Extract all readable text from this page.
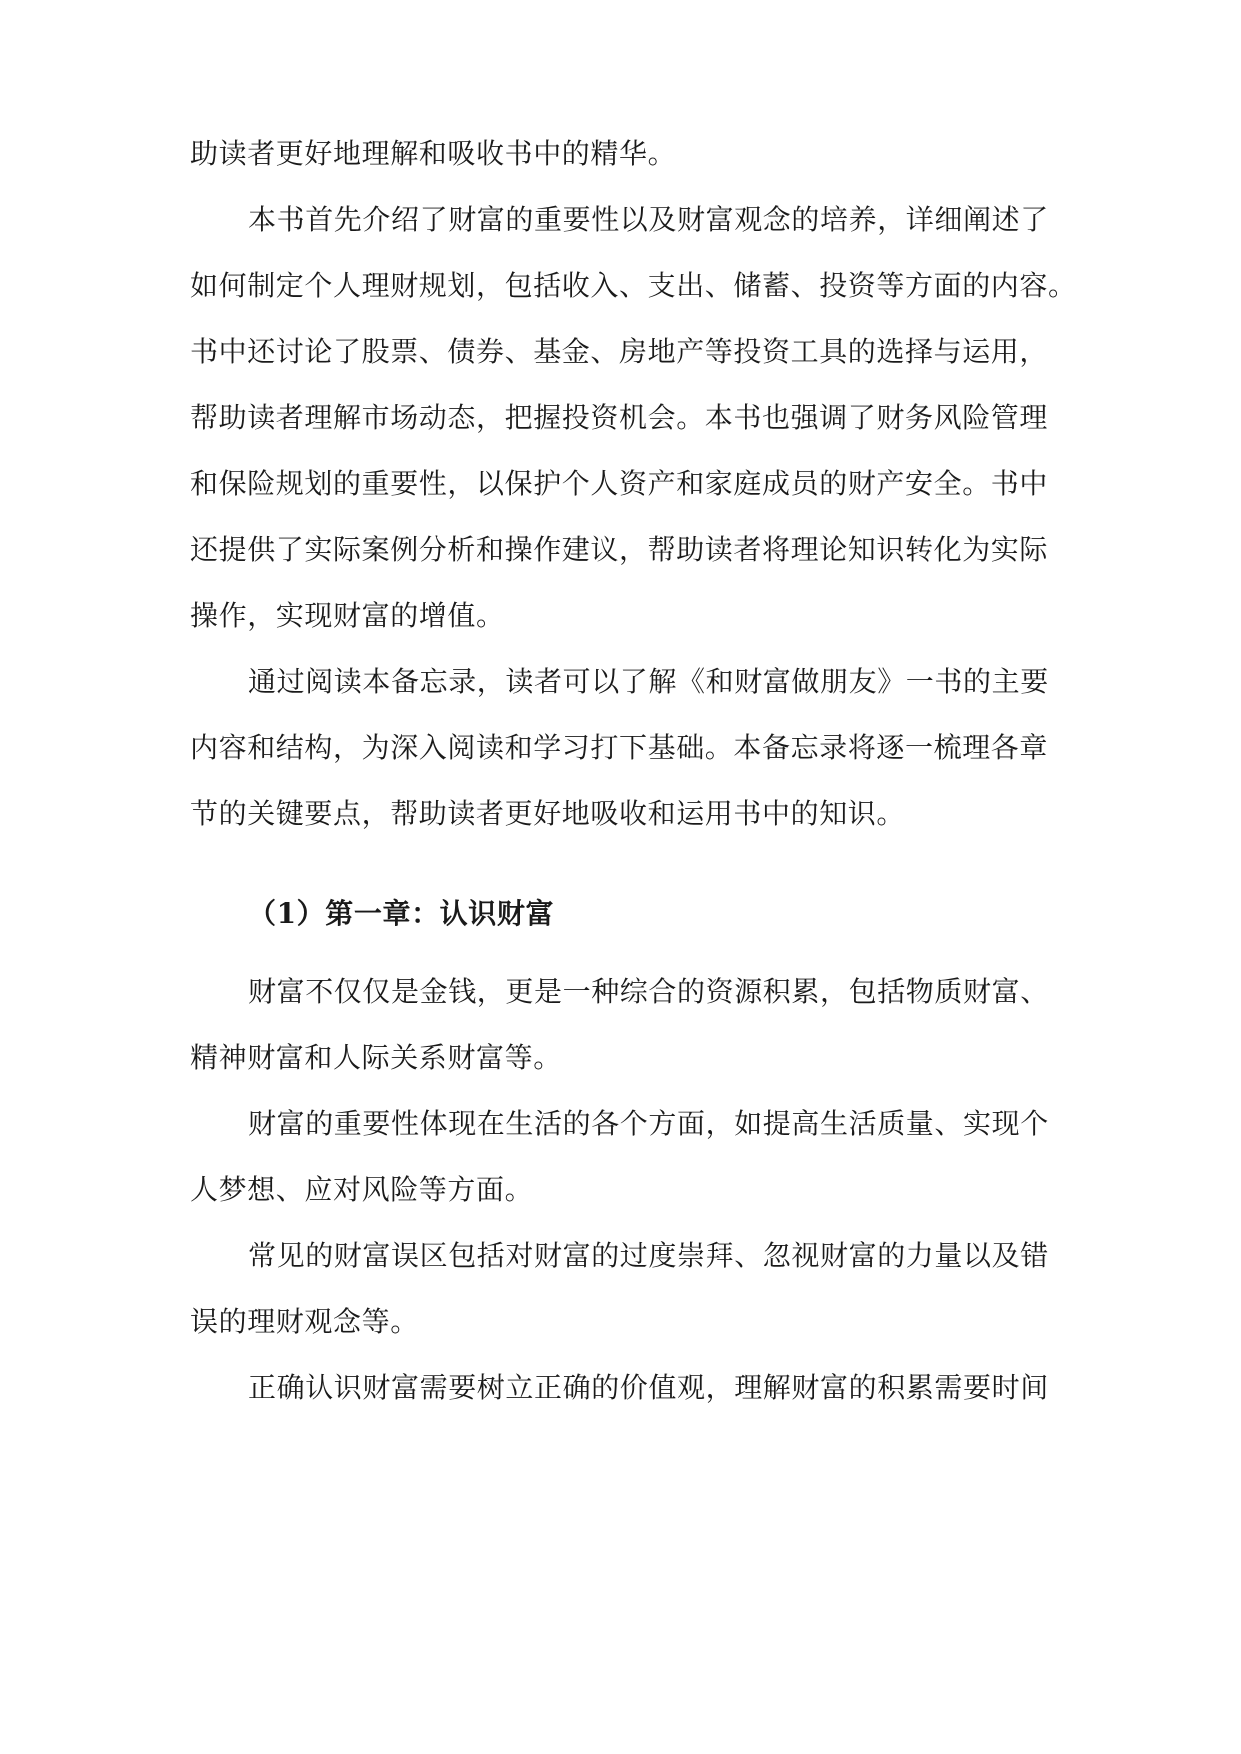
助读者更好地理解和吸收书中的精华。
本书首先介绍了财富的重要性以及财富观念的培养，详细阐述了
如何制定个人理财规划，包括收入、支出、储蓄、投资等方面的内容。
书中还讨论了股票、债券、基金、房地产等投资工具的选择与运用，
帮助读者理解市场动态，把握投资机会。本书也强调了财务风险管理
和保险规划的重要性，以保护个人资产和家庭成员的财产安全。书中
还提供了实际案例分析和操作建议，帮助读者将理论知识转化为实际
操作，实现财富的增值。
通过阅读本备忘录，读者可以了解《和财富做朋友》一书的主要
内容和结构，为深入阅读和学习打下基础。本备忘录将逐一梳理各章
节的关键要点，帮助读者更好地吸收和运用书中的知识。
（1）第一章：认识财富
财富不仅仅是金钱，更是一种综合的资源积累，包括物质财富、
精神财富和人际关系财富等。
财富的重要性体现在生活的各个方面，如提高生活质量、实现个
人梦想、应对风险等方面。
常见的财富误区包括对财富的过度崇拜、忽视财富的力量以及错
误的理财观念等。
正确认识财富需要树立正确的价值观，理解财富的积累需要时间
